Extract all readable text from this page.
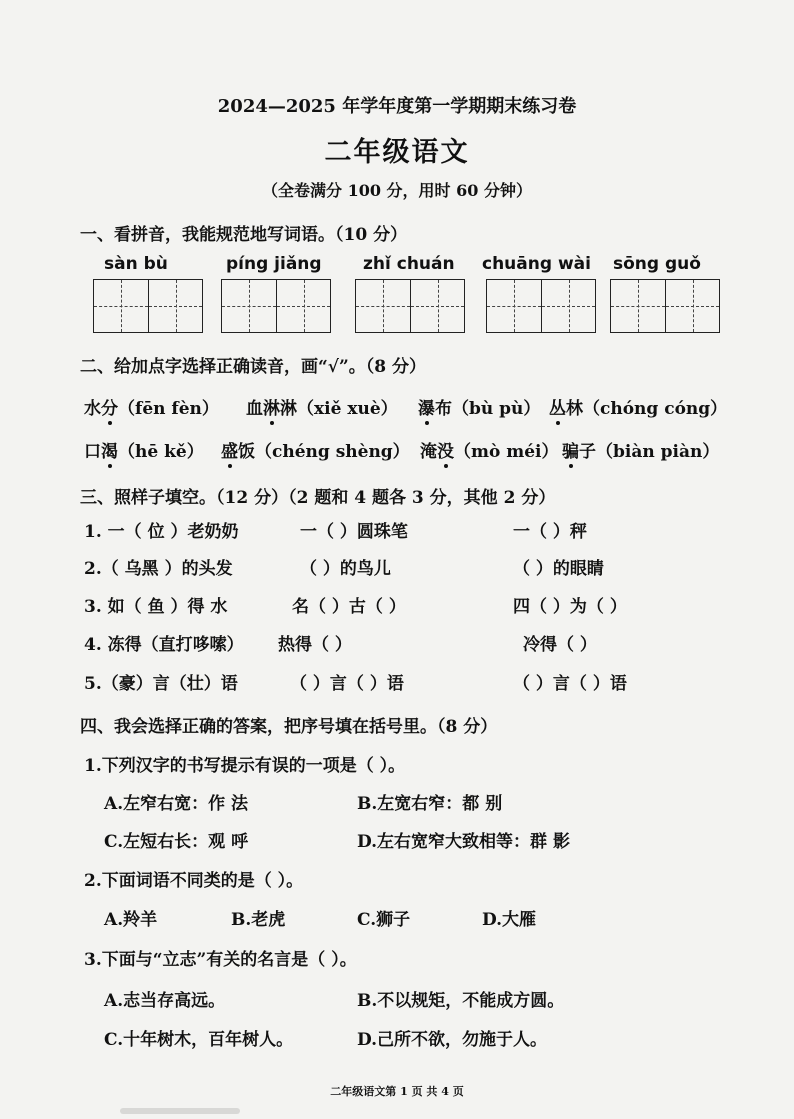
2024—2025 年学年度第一学期期末练习卷
二年级语文
（全卷满分 100 分，用时 60 分钟）
一、看拼音，我能规范地写词语。（10 分）
sàn bù	píng jiǎng zhǐ chuán chuāng wài sōng guǒ
二、给加点字选择正确读音，画“√”。（8 分）
水分（fēn fèn） 血淋淋（xiě xuè） 瀑布（bù pù） 丛林（chóng cóng）
口渴（hē kě） 盛饭（chéng shèng） 淹没（mò méi） 骗子（biàn piàn）
三、照样子填空。（12 分）（2 题和 4 题各 3 分，其他 2 分）
1. 一（ 位 ）老奶奶	一（ ）圆珠笔	一（ ）秤
2.（ 乌黑 ）的头发	（ ）的鸟儿	（ ）的眼睛
3. 如（ 鱼 ）得 水	名（ ）古（ ）	四（ ）为（ ）
4. 冻得（直打哆嗦） 热得（ ）	冷得（ ）
5.（豪）言（壮）语	（ ）言（ ）语	（ ）言（ ）语
四、我会选择正确的答案，把序号填在括号里。（8 分）
1.下列汉字的书写提示有误的一项是（ ）。
A.左窄右宽：作 法	B.左宽右窄：都 别
C.左短右长：观 呼	D.左右宽窄大致相等：群 影
2.下面词语不同类的是（ ）。
A.羚羊	B.老虎	C.狮子	D.大雁
3.下面与“立志”有关的名言是（ ）。
A.志当存高远。	B.不以规矩，不能成方圆。
C.十年树木，百年树人。	D.己所不欲，勿施于人。
二年级语文第 1 页 共 4 页
